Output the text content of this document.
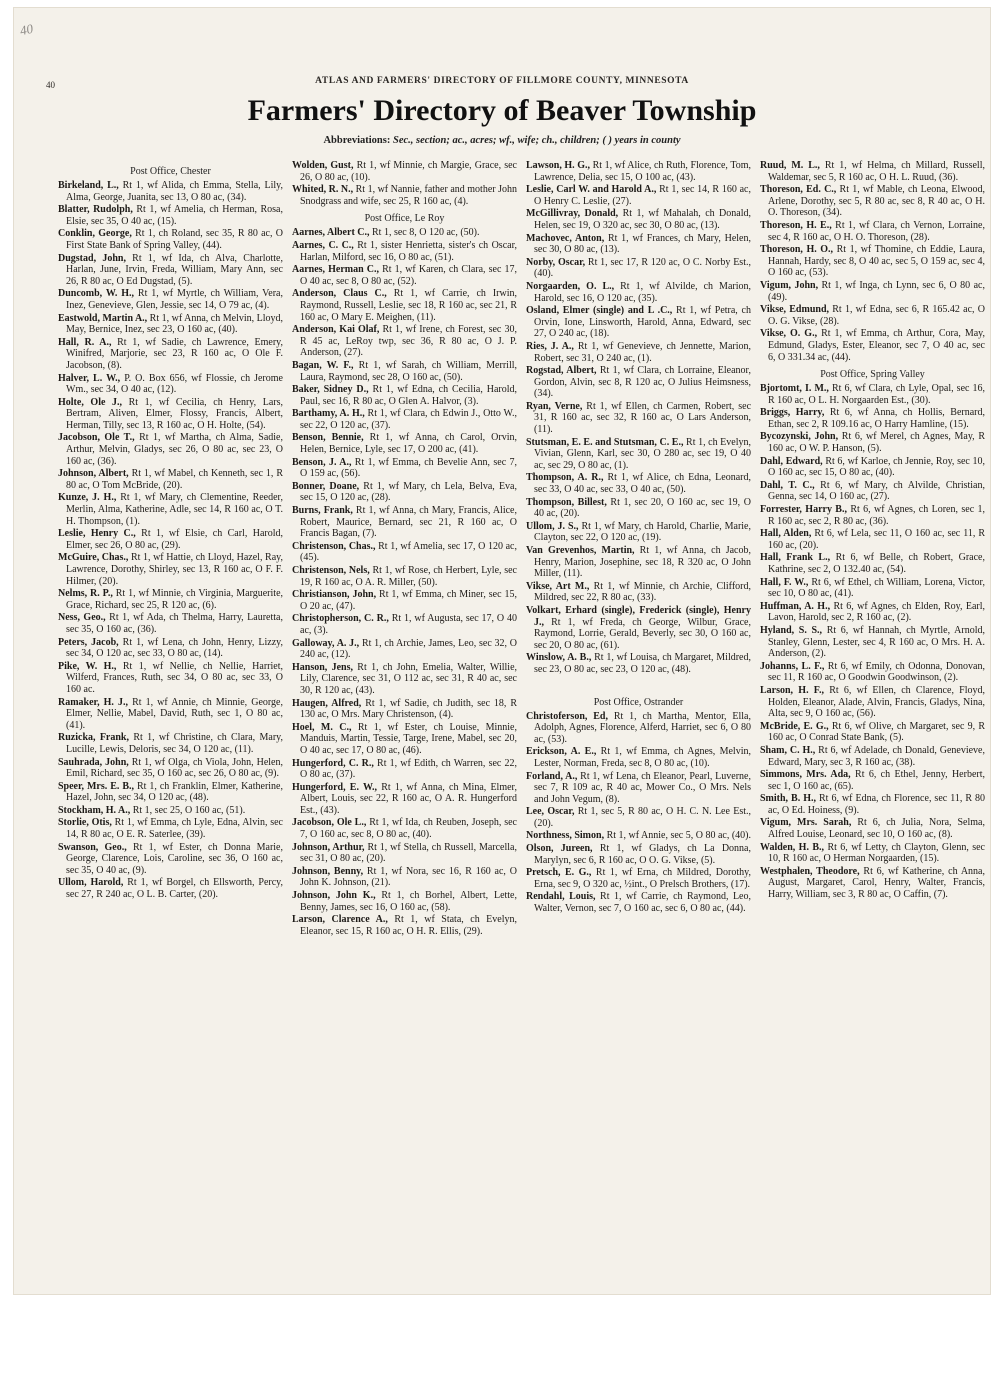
40
40	ATLAS AND FARMERS' DIRECTORY OF FILLMORE COUNTY, MINNESOTA
Farmers' Directory of Beaver Township
Abbreviations: Sec., section; ac., acres; wf., wife; ch., children; ( ) years in county
Post Office, Chester
Birkeland, L., Rt 1, wf Alida, ch Emma, Stella, Lily, Alma, George, Juanita, sec 13, O 80 ac, (34).
Blatter, Rudolph, Rt 1, wf Amelia, ch Herman, Rosa, Elsie, sec 35, O 40 ac, (15).
Conklin, George, Rt 1, ch Roland, sec 35, R 80 ac, O First State Bank of Spring Valley, (44).
Dugstad, John, Rt 1, wf Ida, ch Alva, Charlotte, Harlan, June, Irvin, Freda, William, Mary Ann, sec 26, R 80 ac, O Ed Dugstad, (5).
Duncomb, W. H., Rt 1, wf Myrtle, ch William, Vera, Inez, Genevieve, Glen, Jessie, sec 14, O 79 ac, (4).
Eastwold, Martin A., Rt 1, wf Anna, ch Melvin, Lloyd, May, Bernice, Inez, sec 23, O 160 ac, (40).
Hall, R. A., Rt 1, wf Sadie, ch Lawrence, Emery, Winifred, Marjorie, sec 23, R 160 ac, O Ole F. Jacobson, (8).
Halver, L. W., P. O. Box 656, wf Flossie, ch Jerome Wm., sec 34, O 40 ac, (12).
Holte, Ole J., Rt 1, wf Cecilia, ch Henry, Lars, Bertram, Aliven, Elmer, Flossy, Francis, Albert, Herman, Tilly, sec 13, R 160 ac, O H. Holte, (54).
Jacobson, Ole T., Rt 1, wf Martha, ch Alma, Sadie, Arthur, Melvin, Gladys, sec 26, O 80 ac, sec 23, O 160 ac, (36).
Johnson, Albert, Rt 1, wf Mabel, ch Kenneth, sec 1, R 80 ac, O Tom McBride, (20).
Kunze, J. H., Rt 1, wf Mary, ch Clementine, Reeder, Merlin, Alma, Katherine, Adle, sec 14, R 160 ac, O T. H. Thompson, (1).
Leslie, Henry C., Rt 1, wf Elsie, ch Carl, Harold, Elmer, sec 26, O 80 ac, (29).
McGuire, Chas., Rt 1, wf Hattie, ch Lloyd, Hazel, Ray, Lawrence, Dorothy, Shirley, sec 13, R 160 ac, O F. F. Hilmer, (20).
Nelms, R. P., Rt 1, wf Minnie, ch Virginia, Marguerite, Grace, Richard, sec 25, R 120 ac, (6).
Ness, Geo., Rt 1, wf Ada, ch Thelma, Harry, Lauretta, sec 35, O 160 ac, (36).
Peters, Jacob, Rt 1, wf Lena, ch John, Henry, Lizzy, sec 34, O 120 ac, sec 33, O 80 ac, (14).
Pike, W. H., Rt 1, wf Nellie, ch Nellie, Harriet, Wilferd, Frances, Ruth, sec 34, O 80 ac, sec 33, O 160 ac.
Ramaker, H. J., Rt 1, wf Annie, ch Minnie, George, Elmer, Nellie, Mabel, David, Ruth, sec 1, O 80 ac, (41).
Ruzicka, Frank, Rt 1, wf Christine, ch Clara, Mary, Lucille, Lewis, Deloris, sec 34, O 120 ac, (11).
Sauhrada, John, Rt 1, wf Olga, ch Viola, John, Helen, Emil, Richard, sec 35, O 160 ac, sec 26, O 80 ac, (9).
Speer, Mrs. E. B., Rt 1, ch Franklin, Elmer, Katherine, Hazel, John, sec 34, O 120 ac, (48).
Stockham, H. A., Rt 1, sec 25, O 160 ac, (51).
Storlie, Otis, Rt 1, wf Emma, ch Lyle, Edna, Alvin, sec 14, R 80 ac, O E. R. Saterlee, (39).
Swanson, Geo., Rt 1, wf Ester, ch Donna Marie, George, Clarence, Lois, Caroline, sec 36, O 160 ac, sec 35, O 40 ac, (9).
Ullom, Harold, Rt 1, wf Borgel, ch Ellsworth, Percy, sec 27, R 240 ac, O L. B. Carter, (20).
Wolden, Gust, Rt 1, wf Minnie, ch Margie, Grace, sec 26, O 80 ac, (10).
Whited, R. N., Rt 1, wf Nannie, father and mother John Snodgrass and wife, sec 25, R 160 ac, (4).
Post Office, Le Roy
Aarnes, Albert C., Rt 1, sec 8, O 120 ac, (50).
Aarnes, C. C., Rt 1, sister Henrietta, sister's ch Oscar, Harlan, Milford, sec 16, O 80 ac, (51).
Aarnes, Herman C., Rt 1, wf Karen, ch Clara, sec 17, O 40 ac, sec 8, O 80 ac, (52).
Anderson, Claus C., Rt 1, wf Carrie, ch Irwin, Raymond, Russell, Leslie, sec 18, R 160 ac, sec 21, R 160 ac, O Mary E. Meighen, (11).
Anderson, Kai Olaf, Rt 1, wf Irene, ch Forest, sec 30, R 45 ac, LeRoy twp, sec 36, R 80 ac, O J. P. Anderson, (27).
Bagan, W. F., Rt 1, wf Sarah, ch William, Merrill, Laura, Raymond, sec 28, O 160 ac, (50).
Baker, Sidney D., Rt 1, wf Edna, ch Cecilia, Harold, Paul, sec 16, R 80 ac, O Glen A. Halvor, (3).
Barthamy, A. H., Rt 1, wf Clara, ch Edwin J., Otto W., sec 22, O 120 ac, (37).
Benson, Bennie, Rt 1, wf Anna, ch Carol, Orvin, Helen, Bernice, Lyle, sec 17, O 200 ac, (41).
Benson, J. A., Rt 1, wf Emma, ch Bevelie Ann, sec 7, O 159 ac, (56).
Bonner, Doane, Rt 1, wf Mary, ch Lela, Belva, Eva, sec 15, O 120 ac, (28).
Burns, Frank, Rt 1, wf Anna, ch Mary, Francis, Alice, Robert, Maurice, Bernard, sec 21, R 160 ac, O Francis Bagan, (7).
Christenson, Chas., Rt 1, wf Amelia, sec 17, O 120 ac, (45).
Christenson, Nels, Rt 1, wf Rose, ch Herbert, Lyle, sec 19, R 160 ac, O A. R. Miller, (50).
Christianson, John, Rt 1, wf Emma, ch Miner, sec 15, O 20 ac, (47).
Christopherson, C. R., Rt 1, wf Augusta, sec 17, O 40 ac, (3).
Galloway, A. J., Rt 1, ch Archie, James, Leo, sec 32, O 240 ac, (12).
Hanson, Jens, Rt 1, ch John, Emelia, Walter, Willie, Lily, Clarence, sec 31, O 112 ac, sec 31, R 40 ac, sec 30, R 120 ac, (43).
Haugen, Alfred, Rt 1, wf Sadie, ch Judith, sec 18, R 130 ac, O Mrs. Mary Christenson, (4).
Hoel, M. C., Rt 1, wf Ester, ch Louise, Minnie, Manduis, Martin, Tessie, Targe, Irene, Mabel, sec 20, O 40 ac, sec 17, O 80 ac, (46).
Hungerford, C. R., Rt 1, wf Edith, ch Warren, sec 22, O 80 ac, (37).
Hungerford, E. W., Rt 1, wf Anna, ch Mina, Elmer, Albert, Louis, sec 22, R 160 ac, O A. R. Hungerford Est., (43).
Jacobson, Ole L., Rt 1, wf Ida, ch Reuben, Joseph, sec 7, O 160 ac, sec 8, O 80 ac, (40).
Johnson, Arthur, Rt 1, wf Stella, ch Russell, Marcella, sec 31, O 80 ac, (20).
Johnson, Benny, Rt 1, wf Nora, sec 16, R 160 ac, O John K. Johnson, (21).
Johnson, John K., Rt 1, ch Borhel, Albert, Lette, Benny, James, sec 16, O 160 ac, (58).
Larson, Clarence A., Rt 1, wf Stata, ch Evelyn, Eleanor, sec 15, R 160 ac, O H. R. Ellis, (29).
Lawson, H. G., Rt 1, wf Alice, ch Ruth, Florence, Tom, Lawrence, Delia, sec 15, O 100 ac, (43).
Leslie, Carl W. and Harold A., Rt 1, sec 14, R 160 ac, O Henry C. Leslie, (27).
McGillivray, Donald, Rt 1, wf Mahalah, ch Donald, Helen, sec 19, O 320 ac, sec 30, O 80 ac, (13).
Machovec, Anton, Rt 1, wf Frances, ch Mary, Helen, sec 30, O 80 ac, (13).
Norby, Oscar, Rt 1, sec 17, R 120 ac, O C. Norby Est., (40).
Norgaarden, O. L., Rt 1, wf Alvilde, ch Marion, Harold, sec 16, O 120 ac, (35).
Osland, Elmer (single) and L .C., Rt 1, wf Petra, ch Orvin, Ione, Linsworth, Harold, Anna, Edward, sec 27, O 240 ac, (18).
Ries, J. A., Rt 1, wf Genevieve, ch Jennette, Marion, Robert, sec 31, O 240 ac, (1).
Rogstad, Albert, Rt 1, wf Clara, ch Lorraine, Eleanor, Gordon, Alvin, sec 8, R 120 ac, O Julius Heimsness, (34).
Ryan, Verne, Rt 1, wf Ellen, ch Carmen, Robert, sec 31, R 160 ac, sec 32, R 160 ac, O Lars Anderson, (11).
Stutsman, E. E. and Stutsman, C. E., Rt 1, ch Evelyn, Vivian, Glenn, Karl, sec 30, O 280 ac, sec 19, O 40 ac, sec 29, O 80 ac, (1).
Thompson, A. R., Rt 1, wf Alice, ch Edna, Leonard, sec 33, O 40 ac, sec 33, O 40 ac, (50).
Thompson, Billest, Rt 1, sec 20, O 160 ac, sec 19, O 40 ac, (20).
Ullom, J. S., Rt 1, wf Mary, ch Harold, Charlie, Marie, Clayton, sec 22, O 120 ac, (19).
Van Grevenhos, Martin, Rt 1, wf Anna, ch Jacob, Henry, Marion, Josephine, sec 18, R 320 ac, O John Miller, (11).
Vikse, Art M., Rt 1, wf Minnie, ch Archie, Clifford, Mildred, sec 22, R 80 ac, (33).
Volkart, Erhard (single), Frederick (single), Henry J., Rt 1, wf Freda, ch George, Wilbur, Grace, Raymond, Lorrie, Gerald, Beverly, sec 30, O 160 ac, sec 20, O 80 ac, (61).
Winslow, A. B., Rt 1, wf Louisa, ch Margaret, Mildred, sec 23, O 80 ac, sec 23, O 120 ac, (48).
Post Office, Ostrander
Christoferson, Ed, Rt 1, ch Martha, Mentor, Ella, Adolph, Agnes, Florence, Alferd, Harriet, sec 6, O 80 ac, (53).
Erickson, A. E., Rt 1, wf Emma, ch Agnes, Melvin, Lester, Norman, Freda, sec 8, O 80 ac, (10).
Forland, A., Rt 1, wf Lena, ch Eleanor, Pearl, Luverne, sec 7, R 109 ac, R 40 ac, Mower Co., O Mrs. Nels and John Vegum, (8).
Lee, Oscar, Rt 1, sec 5, R 80 ac, O H. C. N. Lee Est., (20).
Northness, Simon, Rt 1, wf Annie, sec 5, O 80 ac, (40).
Olson, Jureen, Rt 1, wf Gladys, ch La Donna, Marylyn, sec 6, R 160 ac, O O. G. Vikse, (5).
Pretsch, E. G., Rt 1, wf Erna, ch Mildred, Dorothy, Erna, sec 9, O 320 ac, ½int., O Prelsch Brothers, (17).
Rendahl, Louis, Rt 1, wf Carrie, ch Raymond, Leo, Walter, Vernon, sec 7, O 160 ac, sec 6, O 80 ac, (44).
Ruud, M. L., Rt 1, wf Helma, ch Millard, Russell, Waldemar, sec 5, R 160 ac, O H. L. Ruud, (36).
Thoreson, Ed. C., Rt 1, wf Mable, ch Leona, Elwood, Arlene, Dorothy, sec 5, R 80 ac, sec 8, R 40 ac, O H. O. Thoreson, (34).
Thoreson, H. E., Rt 1, wf Clara, ch Vernon, Lorraine, sec 4, R 160 ac, O H. O. Thoreson, (28).
Thoreson, H. O., Rt 1, wf Thomine, ch Eddie, Laura, Hannah, Hardy, sec 8, O 40 ac, sec 5, O 159 ac, sec 4, O 160 ac, (53).
Vigum, John, Rt 1, wf Inga, ch Lynn, sec 6, O 80 ac, (49).
Vikse, Edmund, Rt 1, wf Edna, sec 6, R 165.42 ac, O O. G. Vikse, (28).
Vikse, O. G., Rt 1, wf Emma, ch Arthur, Cora, May, Edmund, Gladys, Ester, Eleanor, sec 7, O 40 ac, sec 6, O 331.34 ac, (44).
Post Office, Spring Valley
Bjortomt, I. M., Rt 6, wf Clara, ch Lyle, Opal, sec 16, R 160 ac, O L. H. Norgaarden Est., (30).
Briggs, Harry, Rt 6, wf Anna, ch Hollis, Bernard, Ethan, sec 2, R 109.16 ac, O Harry Hamline, (15).
Bycozynski, John, Rt 6, wf Merel, ch Agnes, May, R 160 ac, O W. P. Hanson, (5).
Dahl, Edward, Rt 6, wf Karloe, ch Jennie, Roy, sec 10, O 160 ac, sec 15, O 80 ac, (40).
Dahl, T. C., Rt 6, wf Mary, ch Alvilde, Christian, Genna, sec 14, O 160 ac, (27).
Forrester, Harry B., Rt 6, wf Agnes, ch Loren, sec 1, R 160 ac, sec 2, R 80 ac, (36).
Hall, Alden, Rt 6, wf Lela, sec 11, O 160 ac, sec 11, R 160 ac, (20).
Hall, Frank L., Rt 6, wf Belle, ch Robert, Grace, Kathrine, sec 2, O 132.40 ac, (54).
Hall, F. W., Rt 6, wf Ethel, ch William, Lorena, Victor, sec 10, O 80 ac, (41).
Huffman, A. H., Rt 6, wf Agnes, ch Elden, Roy, Earl, Lavon, Harold, sec 2, R 160 ac, (2).
Hyland, S. S., Rt 6, wf Hannah, ch Myrtle, Arnold, Stanley, Glenn, Lester, sec 4, R 160 ac, O Mrs. H. A. Anderson, (2).
Johanns, L. F., Rt 6, wf Emily, ch Odonna, Donovan, sec 11, R 160 ac, O Goodwin Goodwinson, (2).
Larson, H. F., Rt 6, wf Ellen, ch Clarence, Floyd, Holden, Eleanor, Alade, Alvin, Francis, Gladys, Nina, Alta, sec 9, O 160 ac, (56).
McBride, E. G., Rt 6, wf Olive, ch Margaret, sec 9, R 160 ac, O Conrad State Bank, (5).
Sham, C. H., Rt 6, wf Adelade, ch Donald, Genevieve, Edward, Mary, sec 3, R 160 ac, (38).
Simmons, Mrs. Ada, Rt 6, ch Ethel, Jenny, Herbert, sec 1, O 160 ac, (65).
Smith, B. H., Rt 6, wf Edna, ch Florence, sec 11, R 80 ac, O Ed. Hoiness, (9).
Vigum, Mrs. Sarah, Rt 6, ch Julia, Nora, Selma, Alfred Louise, Leonard, sec 10, O 160 ac, (8).
Walden, H. B., Rt 6, wf Letty, ch Clayton, Glenn, sec 10, R 160 ac, O Herman Norgaarden, (15).
Westphalen, Theodore, Rt 6, wf Katherine, ch Anna, August, Margaret, Carol, Henry, Walter, Francis, Harry, William, sec 3, R 80 ac, O Caffin, (7).
